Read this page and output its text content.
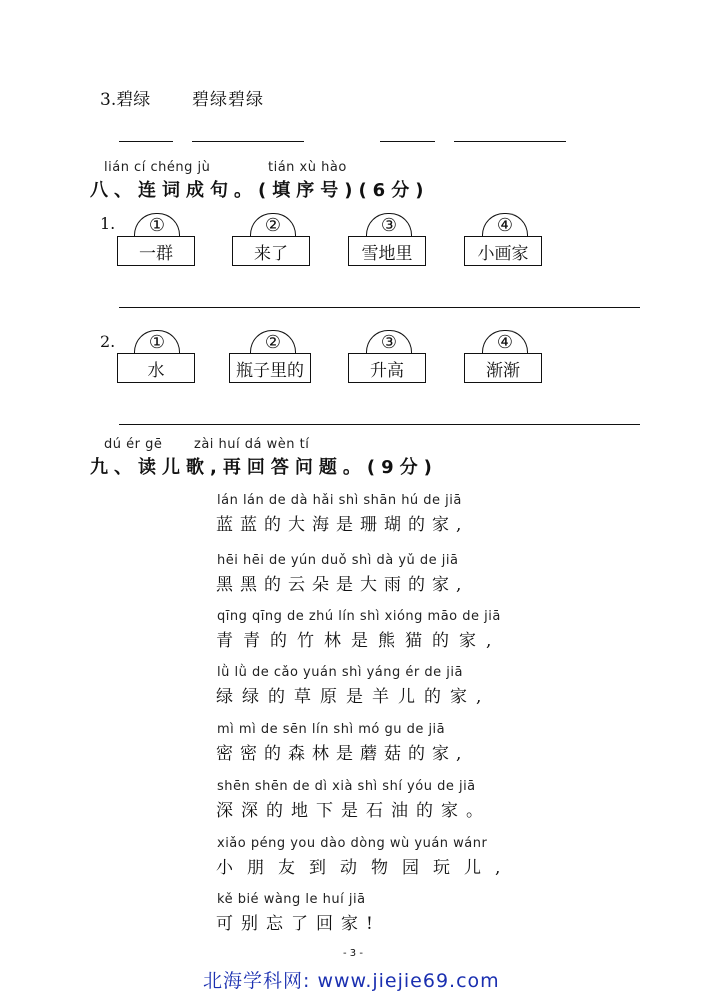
3.碧绿 碧绿碧绿
lián cí chéng jù	tián xù hào
八、连词成句。(填序号)(6分)
1. ①
一群
②
来了
③
雪地里
④
小画家
2. ①
水
②
瓶子里的
③
升高
④
渐渐
dú ér gē zài huí dá wèn tí
九、读儿歌,再回答问题。(9分)
lán lán de dà hǎi shì shān hú de jiā
蓝蓝的大海是珊瑚的家,
hēi hēi de yún duǒ shì dà yǔ de jiā
黑黑的云朵是大雨的家,
qīng qīng de zhú lín shì xióng māo de jiā
青青的竹林是熊猫的家,
lǜ lǜ de cǎo yuán shì yáng ér de jiā
绿绿的草原是羊儿的家,
mì mì de sēn lín shì mó gu de jiā
密密的森林是蘑菇的家,
shēn shēn de dì xià shì shí yóu de jiā
深深的地下是石油的家。
xiǎo péng you dào dòng wù yuán wánr
小朋友到动物园玩儿,
kě bié wàng le huí jiā
可别忘了回家!
- 3 -
北海学科网: www.jiejie69.com
